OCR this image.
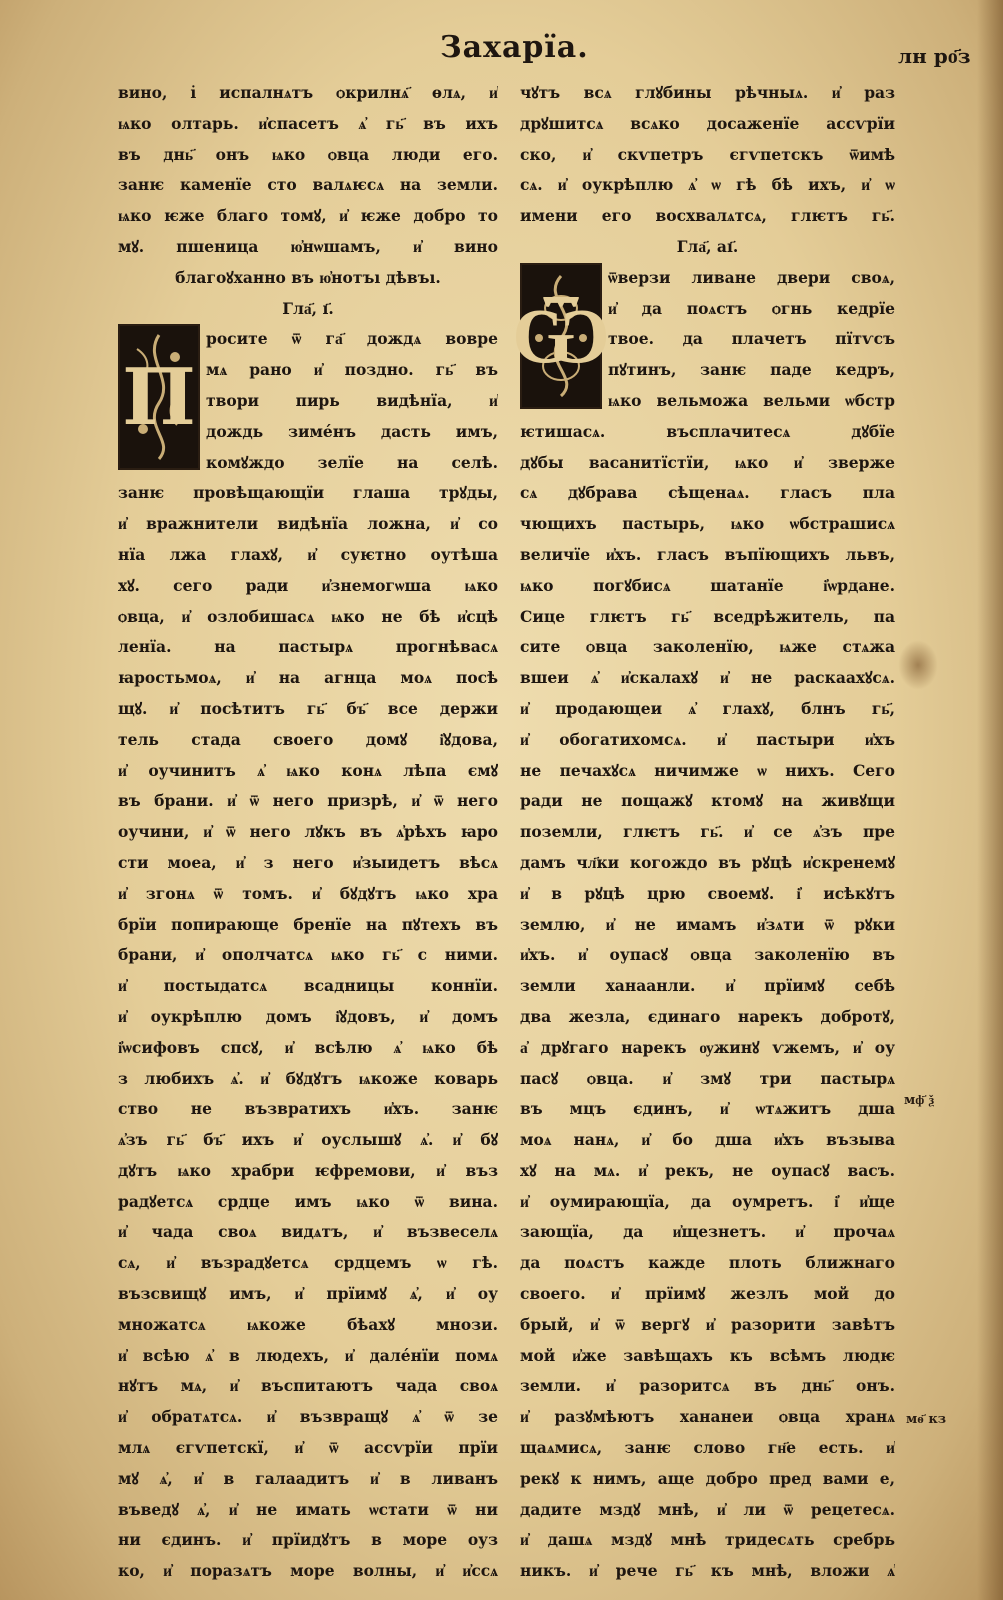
Захарїа.	лн ро҃з
вино, і̇ испалнѧтъ ѻкрилнѧ҃ ѳлѧ, и҆
ѩко олтарь. и҆спасетъ ѧ҆ гь҃ въ ихъ
въ днь҃ онъ ѩко ѻвца люди его.
занѥ каменїе сто валѧѥсѧ на земли.
ѩко ѥже благо томꙋ, и҆ ѥже добро то
мꙋ. пшеница ю҆нѡшамъ, и҆ вино
благоꙋханно въ ю҆нотъı дѣвъı.
Гла҃, ı҃.
П
росите ѿ га҃ дождѧ вовре
мѧ рано и҆ поздно. гь҃ въ
твори пирь видѣнїа, и҆
дождь зиме́нъ дасть имъ,
комꙋждо зелїе на селѣ.
занѥ провѣщающїи глаша трꙋды,
и҆ вражнители видѣнїа ложна, и҆ со
нїа лжа глахꙋ, и҆ суѥтно оутѣша
хꙋ. сего ради и҆знемогѡша ѩко
ѻвца, и҆ озлобишасѧ ѩко не бѣ и҆сцѣ
ленїа. на пастырѧ прогнѣвасѧ
ꙗростьмоѧ, и҆ на агнца моѧ посѣ
щꙋ. и҆ посѣтитъ гь҃ бъ҃ все держи
тель стада своего домꙋ і҆ꙋдова,
и҆ оучинитъ ѧ҆ ѩко конѧ лѣпа ємꙋ
въ брани. и҆ ѿ него призрѣ, и҆ ѿ него
оучини, и҆ ѿ него лꙋкъ въ ѧ҆рѣхъ ꙗро
сти моеа, и҆ з него и҆зыидетъ вѣсѧ
и҆ згонѧ ѿ томъ. и҆ бꙋдꙋтъ ѩко хра
брїи попирающе бренїе на пꙋтехъ въ
брани, и҆ ополчатсѧ ѩко гь҃ с ними.
и҆ постыдатсѧ всадницы коннїи.
и҆ оукрѣплю домъ і҆ꙋдовъ, и҆ домъ
і҆ѡсифовъ спсꙋ, и҆ всѣлю ѧ҆ ѩко бѣ
з любихъ ѧ҆. и҆ бꙋдꙋтъ ѩкоже коварь
ство не възвратихъ и҆хъ. занѥ
ѧ҆зъ гь҃ бъ҃ ихъ и҆ оуслышꙋ ѧ҆. и҆ бꙋ
дꙋтъ ѩко храбри ѥфремови, и҆ въз
радꙋетсѧ срдце имъ ѩко ѿ вина.
и҆ чада своѧ видѧтъ, и҆ възвеселѧ
сѧ, и҆ възрадꙋетсѧ срдцемъ ѡ гѣ.
възсвищꙋ имъ, и҆ прїимꙋ ѧ҆, и҆ оу
множатсѧ ѩкоже бѣахꙋ мнози.
и҆ всѣю ѧ҆ в людехъ, и҆ дале́нїи помѧ
нꙋтъ мѧ, и҆ въспитаютъ чада своѧ
и҆ обратѧтсѧ. и҆ възвращꙋ ѧ҆ ѿ зе
млѧ єгѵпетскї, и҆ ѿ ассѵрїи прїи
мꙋ ѧ҆, и҆ в галаадитъ и҆ в ливанъ
въведꙋ ѧ҆, и҆ не имать ѡстати ѿ ни
ни єдинъ. и҆ прїидꙋтъ в море оуз
ко, и҆ поразѧтъ море волны, и҆ и҆ссѧ
чꙋтъ всѧ глꙋбины рѣчныѧ. и҆ раз
дрꙋшитсѧ всѧко досаженїе ассѵрїи
ско, и҆ скѵпетръ єгѵпетскъ ѿимѣ
сѧ. и҆ оукрѣплю ѧ҆ ѡ гѣ бѣ ихъ, и҆ ѡ
имени его восхвалѧтсѧ, глѥтъ гь҃.
Гла҃, аı҃.
Ѿ
ѿверзи ливане двери своѧ,
и҆ да поѧстъ ѻгнь кедрїе
твое. да плачетъ пїтѵсъ
пꙋтинъ, занѥ паде кедръ,
ѩко вельможа вельми ѡбстр
ѥтишасѧ. въсплачитесѧ дꙋбїе
дꙋбы васанитїстїи, ѩко и҆ зверже
сѧ дꙋбрава сѣщенаѧ. гласъ пла
чющихъ пастырь, ѩко ѡбстрашисѧ
величїе и҆хъ. гласъ въпїющихъ львъ,
ѩко погꙋбисѧ шатанїе і҆ѡрдане.
Сице глѥтъ гь҃ вседрѣжитель, па
сите ѻвца заколенїю, ѩже стѧжа
вшеи ѧ҆ и҆скалахꙋ и҆ не раскаахꙋсѧ.
и҆ продающеи ѧ҆ глахꙋ, блнъ гь҃,
и҆ обогатихомсѧ. и҆ пастыри и҆хъ
не печахꙋсѧ ничимже ѡ нихъ. Сего
ради не пощажꙋ ктомꙋ на живꙋщи
поземли, глѥтъ гь҃. и҆ се ѧ҆зъ пре
дамъ чл҃ки когождо въ рꙋцѣ и҆скренемꙋ
и҆ в рꙋцѣ црю своемꙋ. і҆ исѣкꙋтъ
землю, и҆ не имамъ и҆зѧти ѿ рꙋки
и҆хъ. и҆ оупасꙋ ѻвца заколенїю въ
земли ханаанли. и҆ прїимꙋ себѣ
два жезла, єдинаго нарекъ добротꙋ,
а҆ дрꙋгаго нарекъ ѹжинꙋ ѵжемъ, и҆ оу
пасꙋ ѻвца. и҆ змꙋ три пастырѧ
въ мцъ єдинъ, и҆ ѡтѧжитъ дша
моѧ нанѧ, и҆ бо дша и҆хъ възыва
хꙋ на мѧ. и҆ рекъ, не оупасꙋ васъ.
и҆ оумирающїа, да оумретъ. і҆ и҆ще
зающїа, да и҆щезнетъ. и҆ прочаѧ
да поѧстъ кажде плоть ближнаго
своего. и҆ прїимꙋ жезлъ мой до
брый, и҆ ѿ вергꙋ и҆ разорити завѣтъ
мой и҆же завѣщахъ къ всѣмъ людѥ
земли. и҆ разоритсѧ въ днь҃ онъ.
и҆ разꙋмѣютъ хананеи ѻвца хранѧ
щаѧмисѧ, занѥ слово гн҃е есть. и҆
рекꙋ к нимъ, аще добро пред вами е,
дадите мздꙋ мнѣ, и҆ ли ѿ рецетесѧ.
и҆ дашѧ мздꙋ мнѣ тридесѧть сребрь
никъ. и҆ рече гь҃ къ мнѣ, вложи ѧ҆
мф҃ ѯ
мѳ҃ кз
